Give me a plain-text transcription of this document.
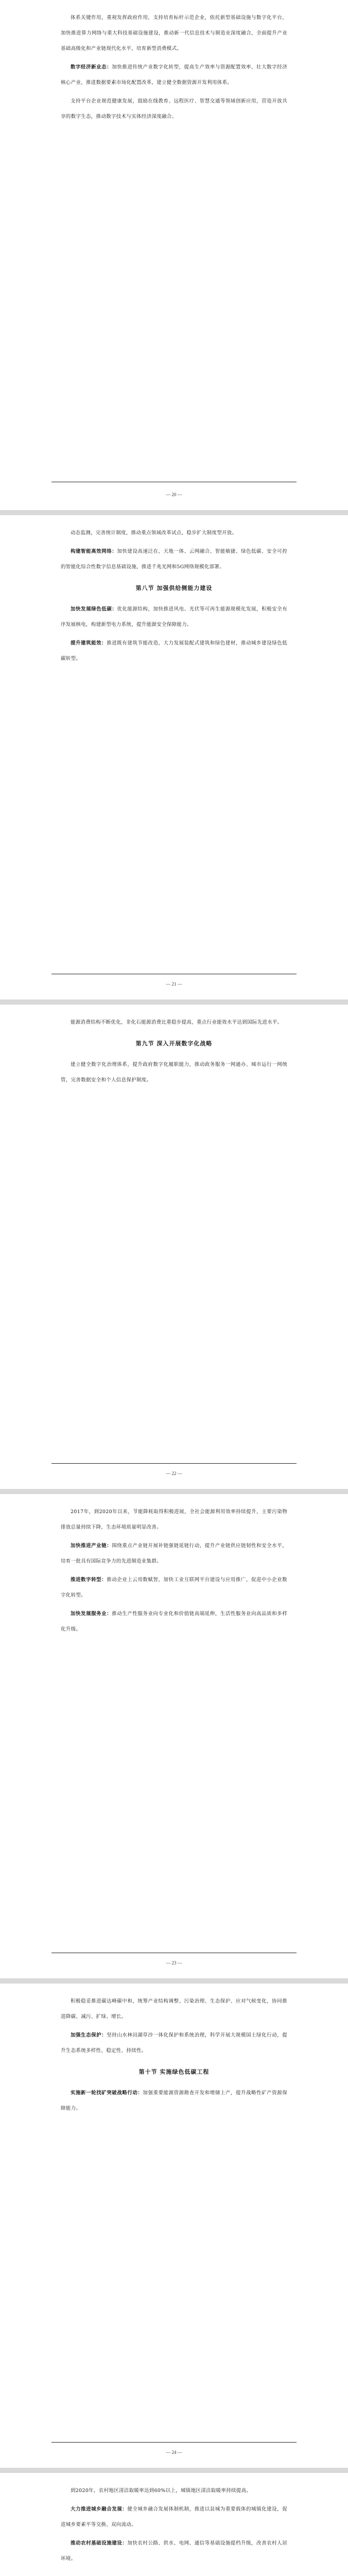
体系关键作用，重视发挥政府作用，支持培育标杆示范企业，依托新型基础设施与数字化平台，加快推进算力网络与重大科技基础设施建设，推动新一代信息技术与制造业深度融合，全面提升产业基础高级化和产业链现代化水平，培育新型消费模式。

数字经济新业态：加快推进传统产业数字化转型，提高生产效率与资源配置效率，壮大数字经济核心产业，推进数据要素市场化配置改革，建立健全数据资源开发利用体系。

支持平台企业规范健康发展，鼓励在线教育、远程医疗、智慧交通等领域创新应用，营造开放共享的数字生态，推动数字技术与实体经济深度融合。

— 20 —

动态监测，完善统计制度，推动重点领域改革试点，稳步扩大制度型开放。

构建智能高效网络：加快建设高速泛在、天地一体、云网融合、智能敏捷、绿色低碳、安全可控的智能化综合性数字信息基础设施，推进千兆光网和5G网络规模化部署。

第八节 加强供给侧能力建设

加快发展绿色低碳：优化能源结构，加快推进风电、光伏等可再生能源规模化发展，积极安全有序发展核电，构建新型电力系统，提升能源安全保障能力。

提升建筑能效：推进既有建筑节能改造，大力发展装配式建筑和绿色建材，推动城乡建设绿色低碳转型。

— 21 —

能源消费结构不断优化，非化石能源消费比重稳步提高，重点行业能效水平达到国际先进水平。

第九节 深入开展数字化战略

建立健全数字化治理体系，提升政府数字化履职能力，推动政务服务一网通办、城市运行一网统管，完善数据安全和个人信息保护制度。

— 22 —

2017年，到2020年以来，节能降耗取得积极进展，全社会能源利用效率持续提升，主要污染物排放总量持续下降，生态环境质量明显改善。

加快推进产业链：围绕重点产业链开展补链强链延链行动，提升产业链供应链韧性和安全水平，培育一批具有国际竞争力的先进制造业集群。

推进数字转型：推动企业上云用数赋智，加快工业互联网平台建设与应用推广，促进中小企业数字化转型。

加快发展服务业：推动生产性服务业向专业化和价值链高端延伸，生活性服务业向高品质和多样化升级。

— 23 —

积极稳妥推进碳达峰碳中和，统筹产业结构调整、污染治理、生态保护、应对气候变化，协同推进降碳、减污、扩绿、增长。

加强生态保护：坚持山水林田湖草沙一体化保护和系统治理，科学开展大规模国土绿化行动，提升生态系统多样性、稳定性、持续性。

第十节 实施绿色低碳工程

实施新一轮找矿突破战略行动：加强重要能源资源勘查开发和增储上产，提升战略性矿产资源保障能力。

— 24 —

到2020年，农村地区清洁取暖率达到60%以上，城镇地区清洁取暖率持续提高。

大力推进城乡融合发展：健全城乡融合发展体制机制，推进以县城为重要载体的城镇化建设，促进城乡要素平等交换、双向流动。

推动农村基础设施建设：加快农村公路、供水、电网、通信等基础设施提档升级，改善农村人居环境。
